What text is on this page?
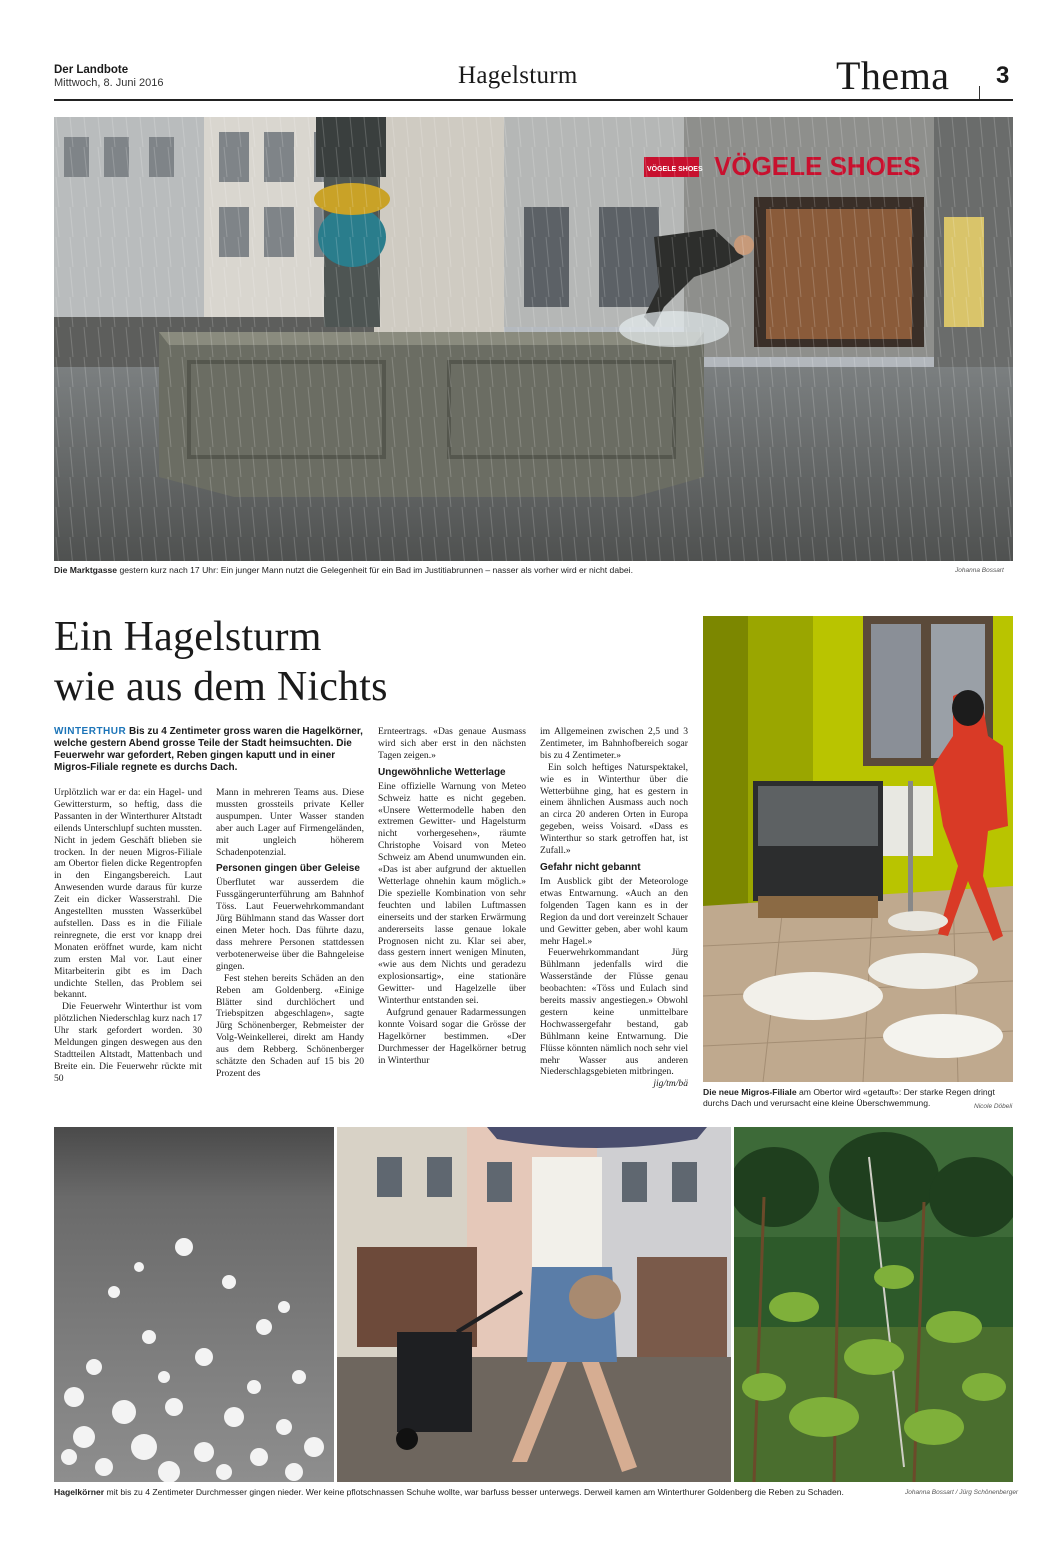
Der Landbote
Mittwoch, 8. Juni 2016	Hagelsturm	Thema 3
Die Marktgasse gestern kurz nach 17 Uhr: Ein junger Mann nutzt die Gelegenheit für ein Bad im Justitiabrunnen – nasser als vorher wird er nicht dabei.	Johanna Bossart
Ein Hagelsturm
wie aus dem Nichts
WINTERTHUR Bis zu 4 Zentimeter gross waren die Hagelkörner, welche gestern Abend grosse Teile der Stadt heimsuchten. Die Feuerwehr war gefordert, Reben gingen kaputt und in einer Migros-Filiale regnete es durchs Dach.

Urplötzlich war er da: ein Hagel- und Gewittersturm, so heftig, dass die Passanten in der Winterthurer Altstadt eilends Unterschlupf suchten mussten. Nicht in jedem Geschäft blieben sie trocken. In der neuen Migros-Filiale am Obertor fielen dicke Regentropfen in den Eingangsbereich. Laut Anwesenden wurde daraus für kurze Zeit ein dicker Wasserstrahl. Die Angestellten mussten Wasserkübel aufstellen. Dass es in die Filiale reinregnete, die erst vor knapp drei Monaten eröffnet wurde, kam nicht zum ersten Mal vor. Laut einer Mitarbeiterin gibt es im Dach undichte Stellen, das Problem sei bekannt.

Die Feuerwehr Winterthur ist vom plötzlichen Niederschlag kurz nach 17 Uhr stark gefordert worden. 30 Meldungen gingen deswegen aus den Stadtteilen Altstadt, Mattenbach und Breite ein. Die Feuerwehr rückte mit 50

Mann in mehreren Teams aus. Diese mussten grossteils private Keller auspumpen. Unter Wasser standen aber auch Lager auf Firmengeländen, mit ungleich höherem Schadenpotenzial.

Personen gingen über Geleise

Überflutet war ausserdem die Fussgängerunterführung am Bahnhof Töss. Laut Feuerwehrkommandant Jürg Bühlmann stand das Wasser dort einen Meter hoch. Das führte dazu, dass mehrere Personen stattdessen verbotenerweise über die Bahngeleise gingen.

Fest stehen bereits Schäden an den Reben am Goldenberg. «Einige Blätter sind durchlöchert und Triebspitzen abgeschlagen», sagte Jürg Schönenberger, Rebmeister der Volg-Weinkellerei, direkt am Handy aus dem Rebberg. Schönenberger schätzte den Schaden auf 15 bis 20 Prozent des

Ernteertrags. «Das genaue Ausmass wird sich aber erst in den nächsten Tagen zeigen.»

Ungewöhnliche Wetterlage

Eine offizielle Warnung von Meteo Schweiz hatte es nicht gegeben. «Unsere Wettermodelle haben den extremen Gewitter- und Hagelsturm nicht vorhergesehen», räumte Christophe Voisard von Meteo Schweiz am Abend unumwunden ein. «Das ist aber aufgrund der aktuellen Wetterlage ohnehin kaum möglich.» Die spezielle Kombination von sehr feuchten und labilen Luftmassen einerseits und der starken Erwärmung andererseits lasse genaue lokale Prognosen nicht zu. Klar sei aber, dass gestern innert wenigen Minuten, «wie aus dem Nichts und geradezu explosionsartig», eine stationäre Gewitter- und Hagelzelle über Winterthur entstanden sei.

Aufgrund genauer Radarmessungen konnte Voisard sogar die Grösse der Hagelkörner bestimmen. «Der Durchmesser der Hagelkörner betrug in Winterthur

im Allgemeinen zwischen 2,5 und 3 Zentimeter, im Bahnhofbereich sogar bis zu 4 Zentimeter.»

Ein solch heftiges Naturspektakel, wie es in Winterthur über die Wetterbühne ging, hat es gestern in einem ähnlichen Ausmass auch noch an circa 20 anderen Orten in Europa gegeben, weiss Voisard. «Dass es Winterthur so stark getroffen hat, ist Zufall.»

Gefahr nicht gebannt

Im Ausblick gibt der Meteorologe etwas Entwarnung. «Auch an den folgenden Tagen kann es in der Region da und dort vereinzelt Schauer und Gewitter geben, aber wohl kaum mehr Hagel.»

Feuerwehrkommandant Jürg Bühlmann jedenfalls wird die Wasserstände der Flüsse genau beobachten: «Töss und Eulach sind bereits massiv angestiegen.» Obwohl gestern keine unmittelbare Hochwassergefahr bestand, gab Bühlmann keine Entwarnung. Die Flüsse könnten nämlich noch sehr viel mehr Wasser aus anderen Niederschlagsgebieten mitbringen.

jig/tm/bä

Die neue Migros-Filiale am Obertor wird «getauft»: Der starke Regen dringt durchs Dach und verursacht eine kleine Überschwemmung.	Nicole Döbeli
Hagelkörner mit bis zu 4 Zentimeter Durchmesser gingen nieder. Wer keine pflotschnassen Schuhe wollte, war barfuss besser unterwegs. Derweil kamen am Winterthurer Goldenberg die Reben zu Schaden.	Johanna Bossart / Jürg Schönenberger
